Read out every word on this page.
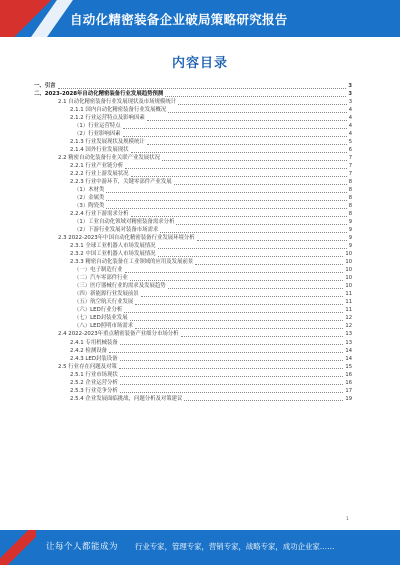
自动化精密装备企业破局策略研究报告
内容目录
一、引言	3
二、2023-2028年自动化精密装备行业发展趋势预测	3
2.1 自动化精密装备行业发展现状及市场规模统计	3
2.1.1 国内自动化精密装备行业发展概况	4
2.1.2 行业运营特点及影响因素	4
（1）行业运营特点	4
（2）行业影响因素	4
2.1.3 行业发展现状及规模统计	5
2.1.4 国外行业发展现状	6
2.2 精密自动化装备行业关联产业发展状况	7
2.2.1 行业产业链分析	7
2.2.2 行业上游发展状况	7
2.2.3 行业中游环节，关键零部件产业发展	8
（1）木材类	8
（2）金属类	8
（3）陶瓷类	8
2.2.4 行业下游需求分析	8
（1）工业自动化领域对精密装备需求分析	9
（2）下游行业发展对装备市场需求	9
2.3 2022-2023年中国自动化精密装备行业发展环境分析	9
2.3.1 全球工业机器人市场发展情况	9
2.3.2 中国工业机器人市场发展情况	10
2.3.3 精密自动化装备在工业领域的应用及发展前景	10
（一）电子制造行业	10
（二）汽车零部件行业	10
（三）医疗器械行业的需求及发展趋势	10
（四）新能源行业发展前景	11
（五）航空航天行业发展	11
（六）LED行业分析	11
（七）LED封装业发展	12
（八）LED照明市场需求	12
2.4 2022-2023年重点精密装备产业细分市场分析	13
2.4.1 专用机械装备	13
2.4.2 检测设备	14
2.4.3 LED封装设备	14
2.5 行业存在问题及对策	15
2.5.1 行业市场现状	16
2.5.2 企业运营分析	16
2.5.3 行业竞争分析	17
2.5.4 企业发展面临挑战，问题分析及对策建议	19
1
让每个人都能成为 行业专家，管理专家，营销专家，战略专家，成功企业家……
